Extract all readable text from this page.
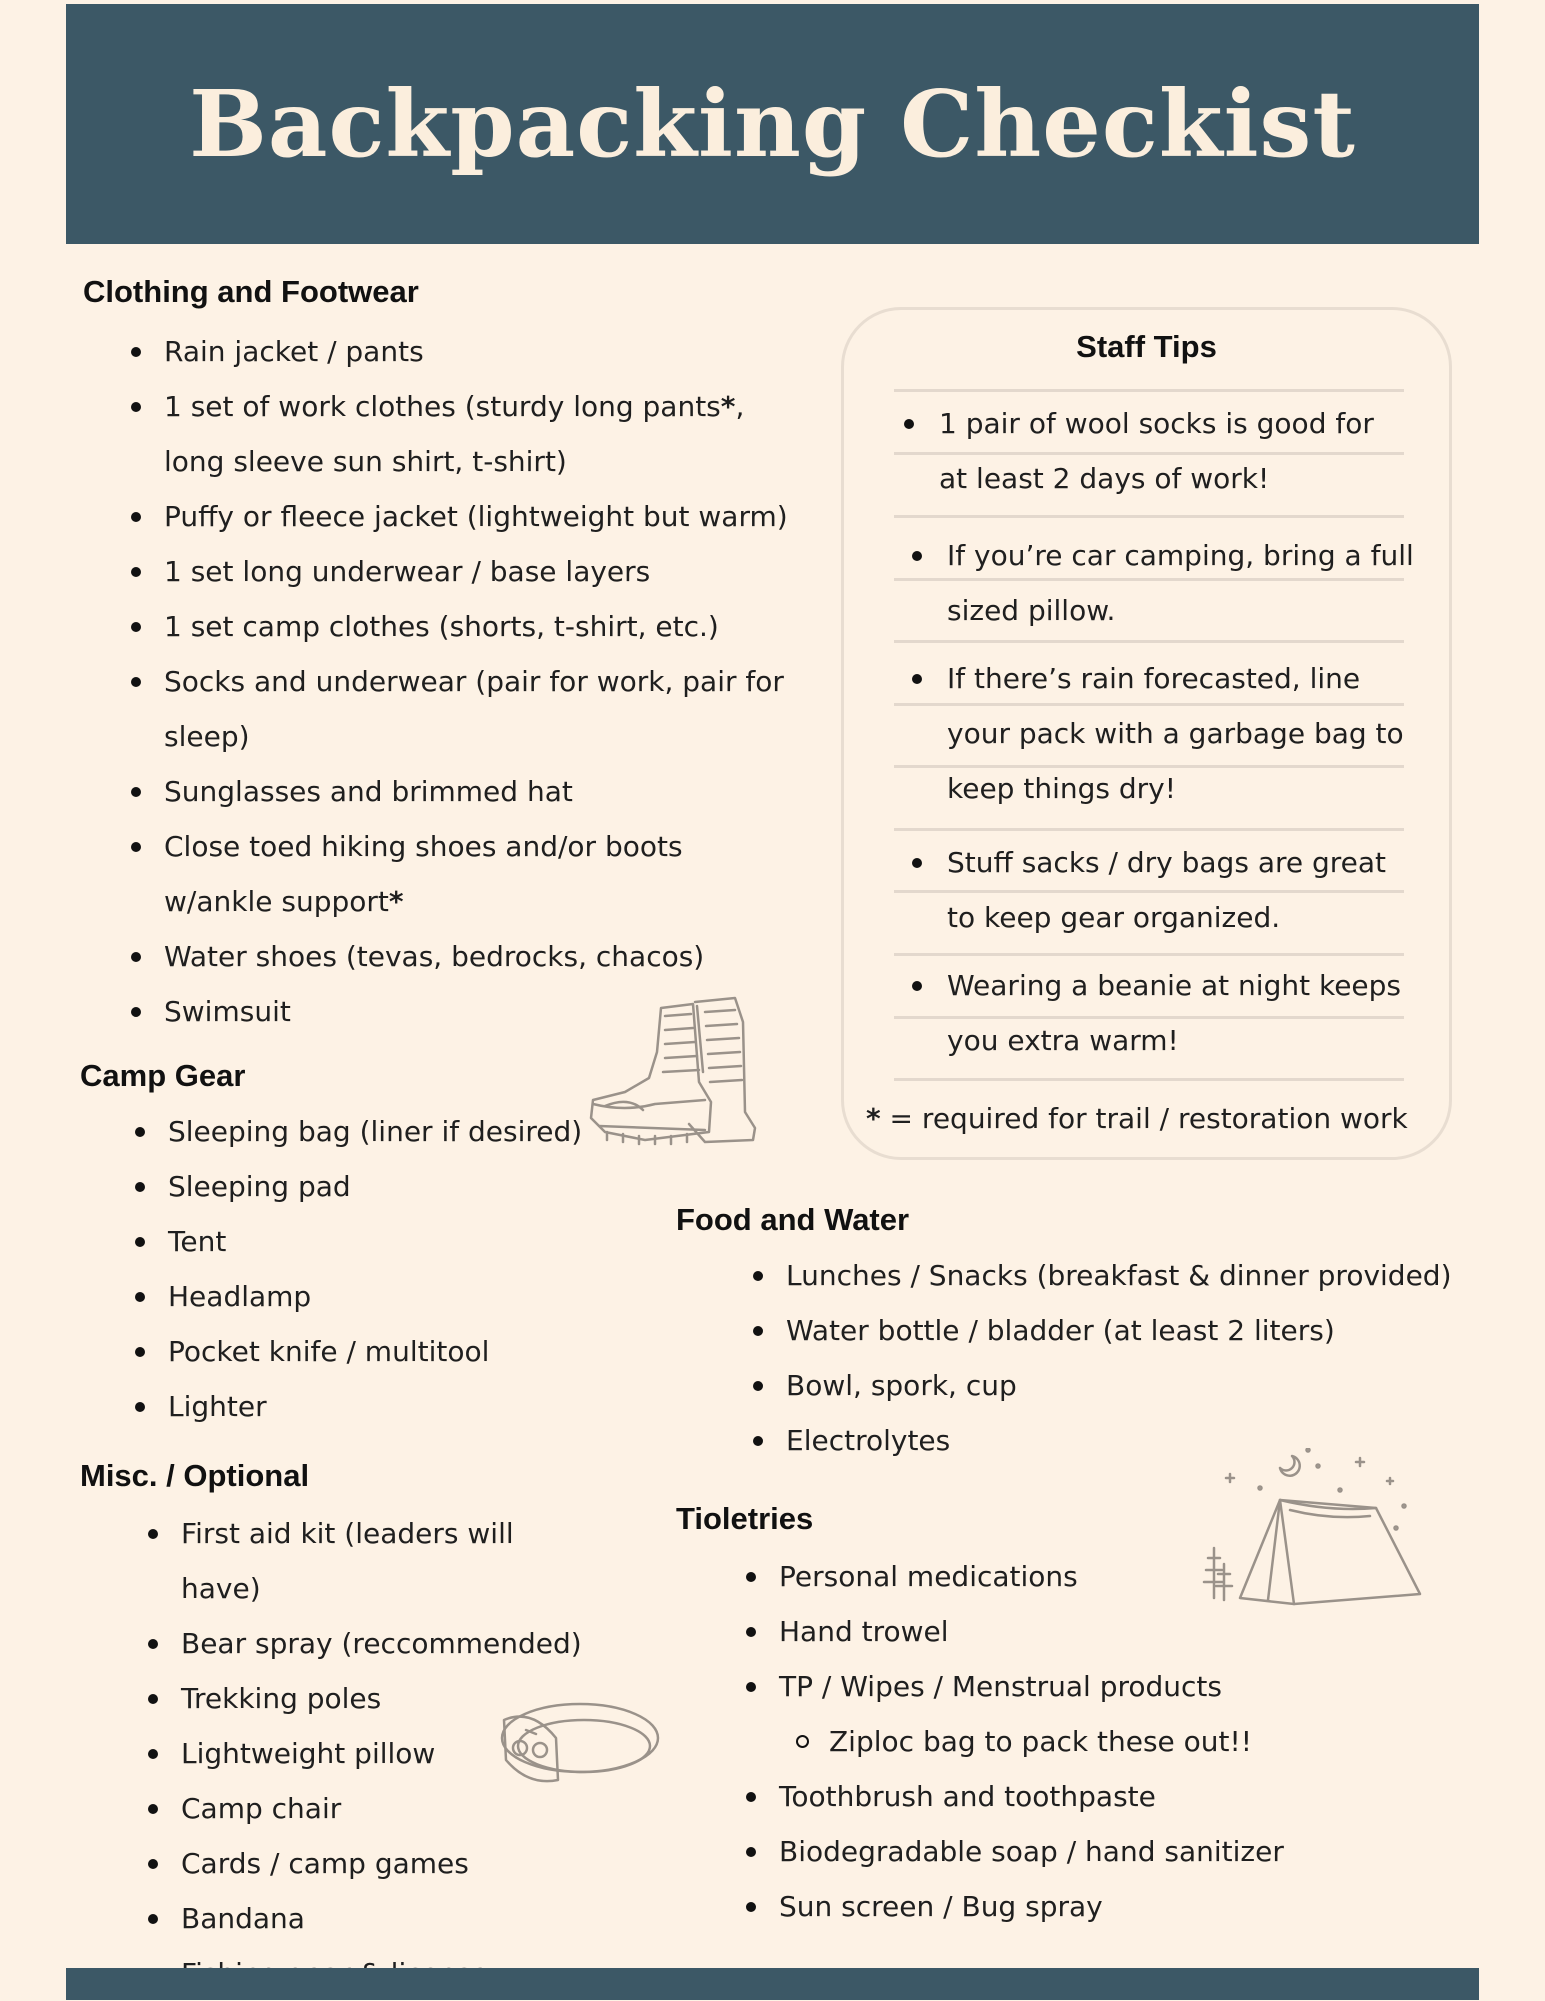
Backpacking Checkist
Clothing and Footwear
Rain jacket / pants
1 set of work clothes (sturdy long pants*,
long sleeve sun shirt, t-shirt)
Puffy or fleece jacket (lightweight but warm)
1 set long underwear / base layers
1 set camp clothes (shorts, t-shirt, etc.)
Socks and underwear (pair for work, pair for
sleep)
Sunglasses and brimmed hat
Close toed hiking shoes and/or boots
w/ankle support*
Water shoes (tevas, bedrocks, chacos)
Swimsuit
Camp Gear
Sleeping bag (liner if desired)
Sleeping pad
Tent
Headlamp
Pocket knife / multitool
Lighter
Misc. / Optional
First aid kit (leaders will have)
Bear spray (reccommended)
Trekking poles
Lightweight pillow
Camp chair
Cards / camp games
Bandana
Food and Water
Lunches / Snacks (breakfast & dinner provided)
Water bottle / bladder (at least 2 liters)
Bowl, spork, cup
Electrolytes
Tioletries
Personal medications
Hand trowel
TP / Wipes / Menstrual products
Ziploc bag to pack these out!!
Toothbrush and toothpaste
Biodegradable soap / hand sanitizer
Sun screen / Bug spray
Staff Tips
1 pair of wool socks is good for
at least 2 days of work!
If you’re car camping, bring a full
sized pillow.
If there’s rain forecasted, line
your pack with a garbage bag to
keep things dry!
Stuff sacks / dry bags are great
to keep gear organized.
Wearing a beanie at night keeps
you extra warm!
* = required for trail / restoration work
